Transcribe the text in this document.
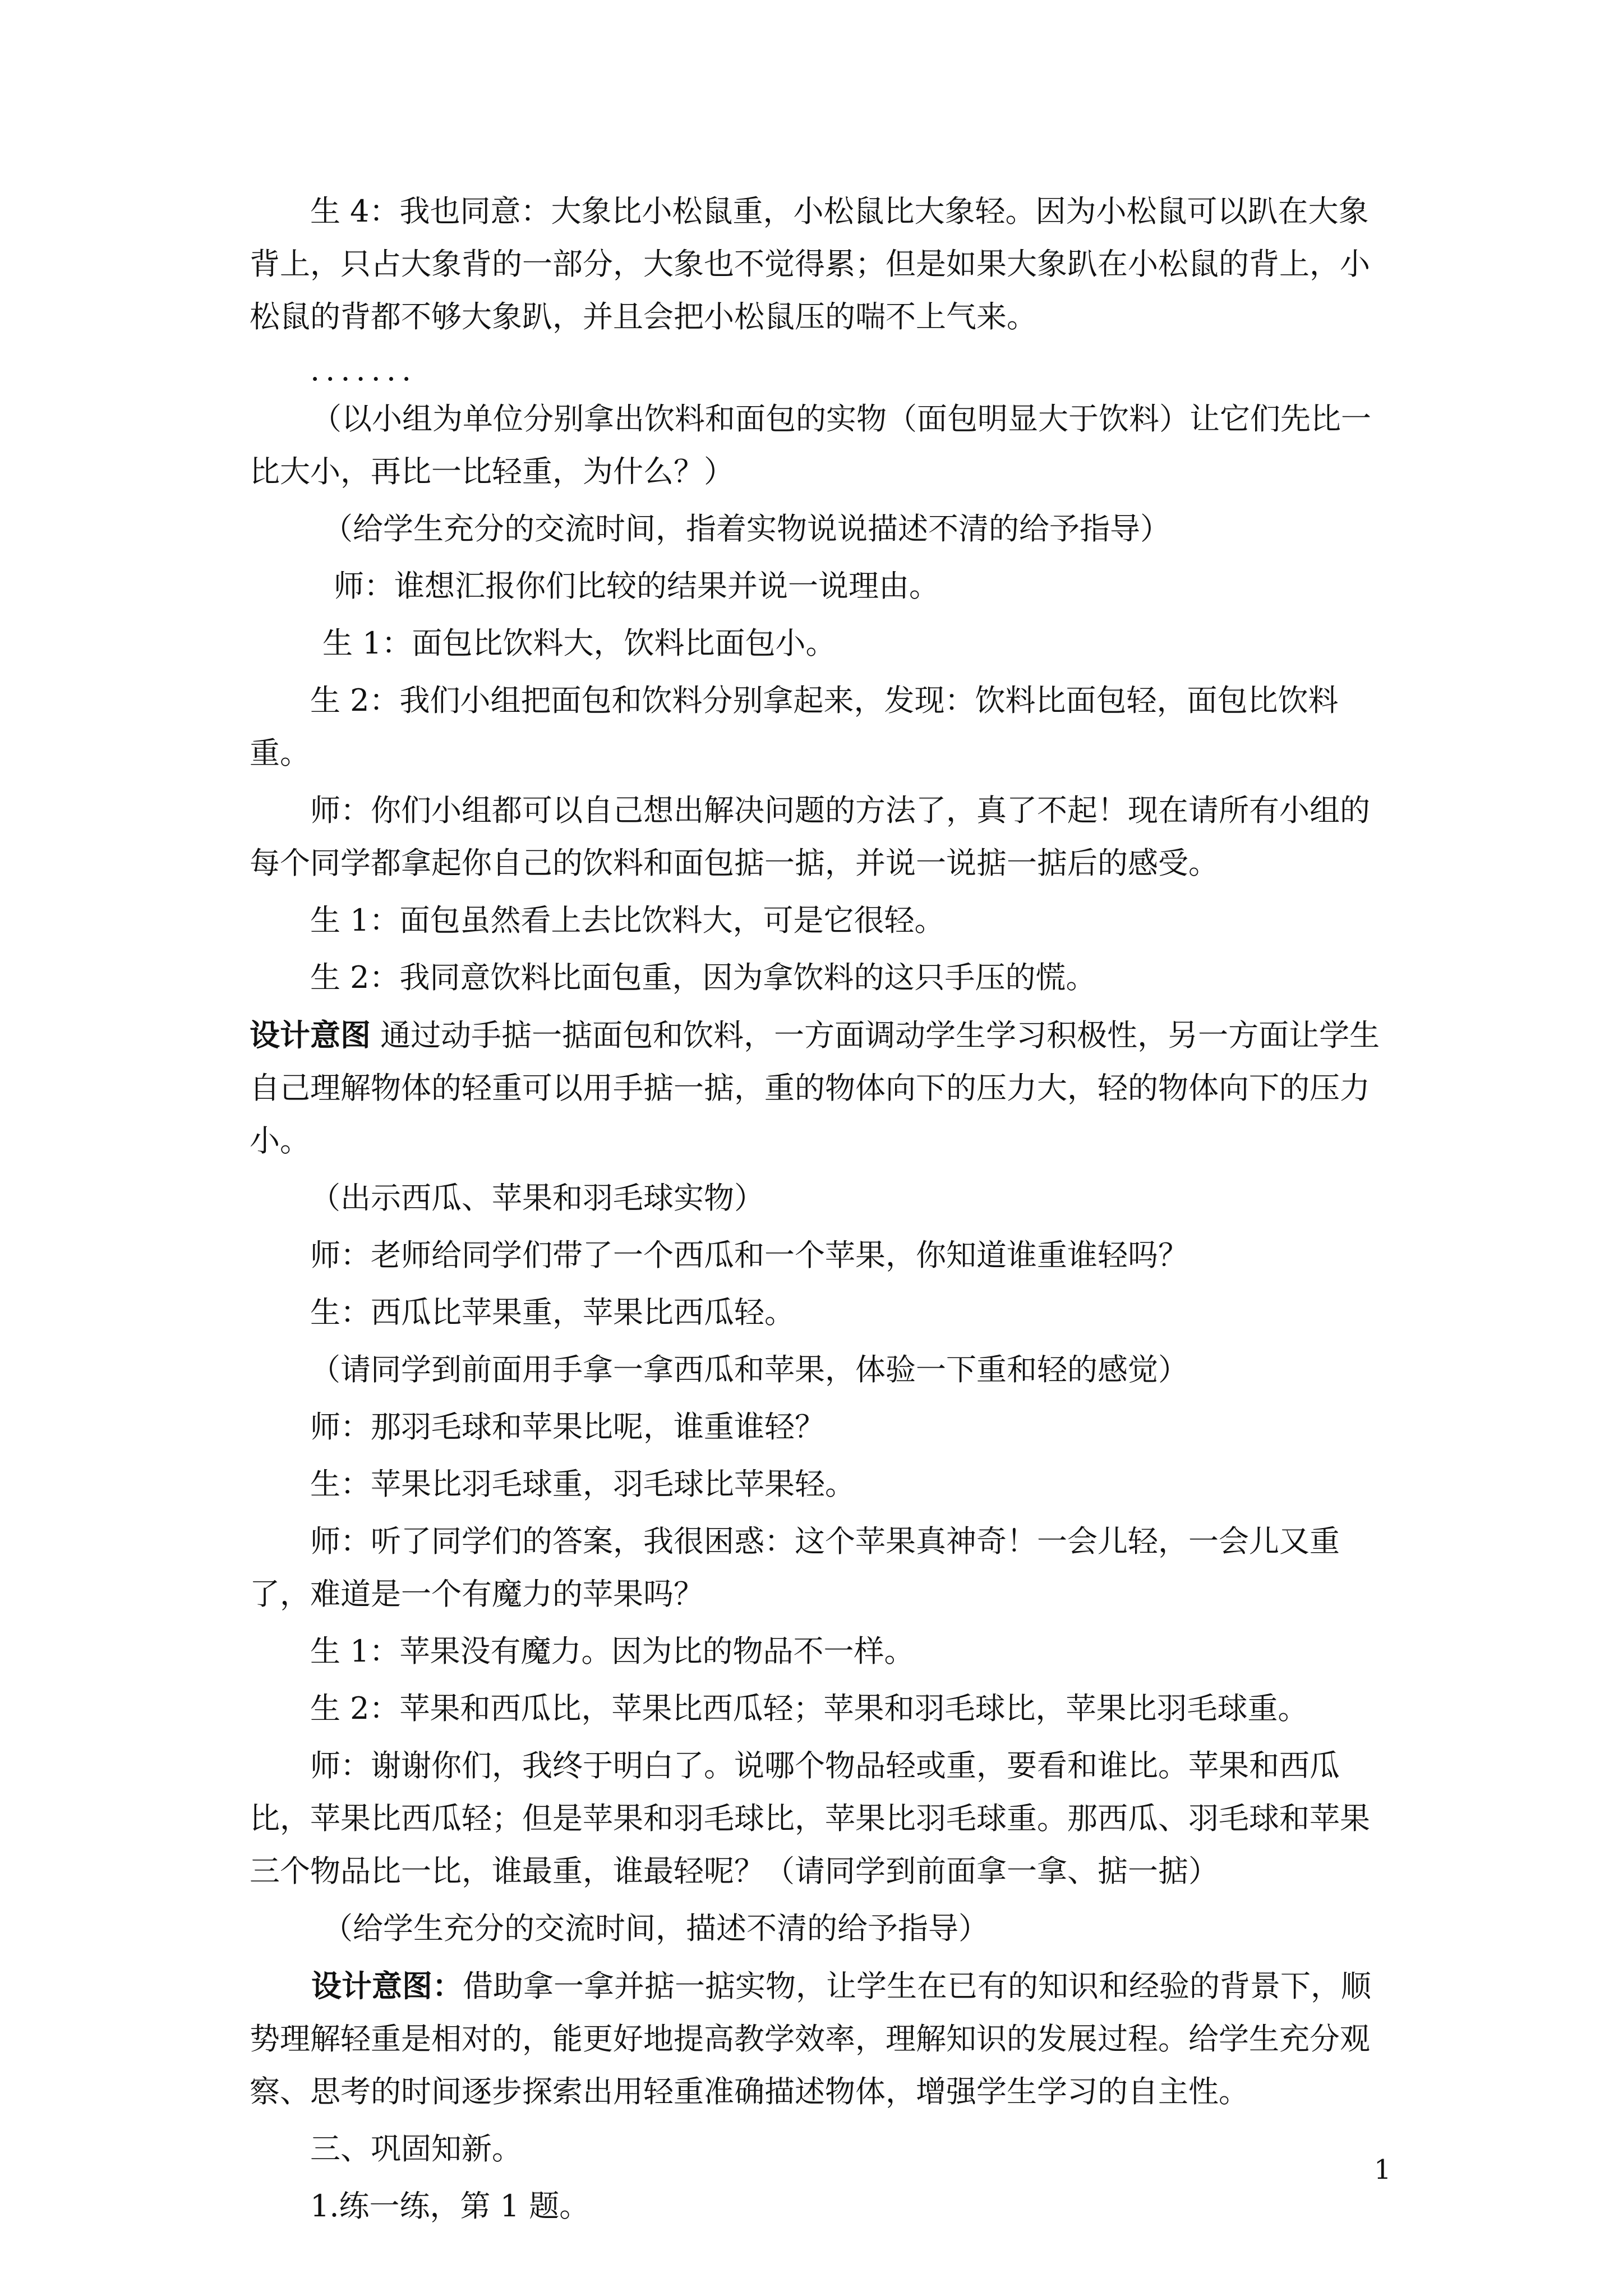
生 4：我也同意：大象比小松鼠重，小松鼠比大象轻。因为小松鼠可以趴在大象背上，只占大象背的一部分，大象也不觉得累；但是如果大象趴在小松鼠的背上，小松鼠的背都不够大象趴，并且会把小松鼠压的喘不上气来。

.......

（以小组为单位分别拿出饮料和面包的实物（面包明显大于饮料）让它们先比一比大小，再比一比轻重，为什么？）

（给学生充分的交流时间，指着实物说说描述不清的给予指导）

师：谁想汇报你们比较的结果并说一说理由。

生 1：面包比饮料大，饮料比面包小。

生 2：我们小组把面包和饮料分别拿起来，发现：饮料比面包轻，面包比饮料重。

师：你们小组都可以自己想出解决问题的方法了，真了不起！现在请所有小组的每个同学都拿起你自己的饮料和面包掂一掂，并说一说掂一掂后的感受。

生 1：面包虽然看上去比饮料大，可是它很轻。

生 2：我同意饮料比面包重，因为拿饮料的这只手压的慌。

设计意图 通过动手掂一掂面包和饮料，一方面调动学生学习积极性，另一方面让学生自己理解物体的轻重可以用手掂一掂，重的物体向下的压力大，轻的物体向下的压力小。

（出示西瓜、苹果和羽毛球实物）

师：老师给同学们带了一个西瓜和一个苹果，你知道谁重谁轻吗？

生：西瓜比苹果重，苹果比西瓜轻。

（请同学到前面用手拿一拿西瓜和苹果，体验一下重和轻的感觉）

师：那羽毛球和苹果比呢，谁重谁轻？

生：苹果比羽毛球重，羽毛球比苹果轻。

师：听了同学们的答案，我很困惑：这个苹果真神奇！一会儿轻，一会儿又重了，难道是一个有魔力的苹果吗？

生 1：苹果没有魔力。因为比的物品不一样。

生 2：苹果和西瓜比，苹果比西瓜轻；苹果和羽毛球比，苹果比羽毛球重。

师：谢谢你们，我终于明白了。说哪个物品轻或重，要看和谁比。苹果和西瓜比，苹果比西瓜轻；但是苹果和羽毛球比，苹果比羽毛球重。那西瓜、羽毛球和苹果三个物品比一比，谁最重，谁最轻呢？（请同学到前面拿一拿、掂一掂）

（给学生充分的交流时间，描述不清的给予指导）

设计意图：借助拿一拿并掂一掂实物，让学生在已有的知识和经验的背景下，顺势理解轻重是相对的，能更好地提高教学效率，理解知识的发展过程。给学生充分观察、思考的时间逐步探索出用轻重准确描述物体，增强学生学习的自主性。

三、巩固知新。

1.练一练，第 1 题。

1
